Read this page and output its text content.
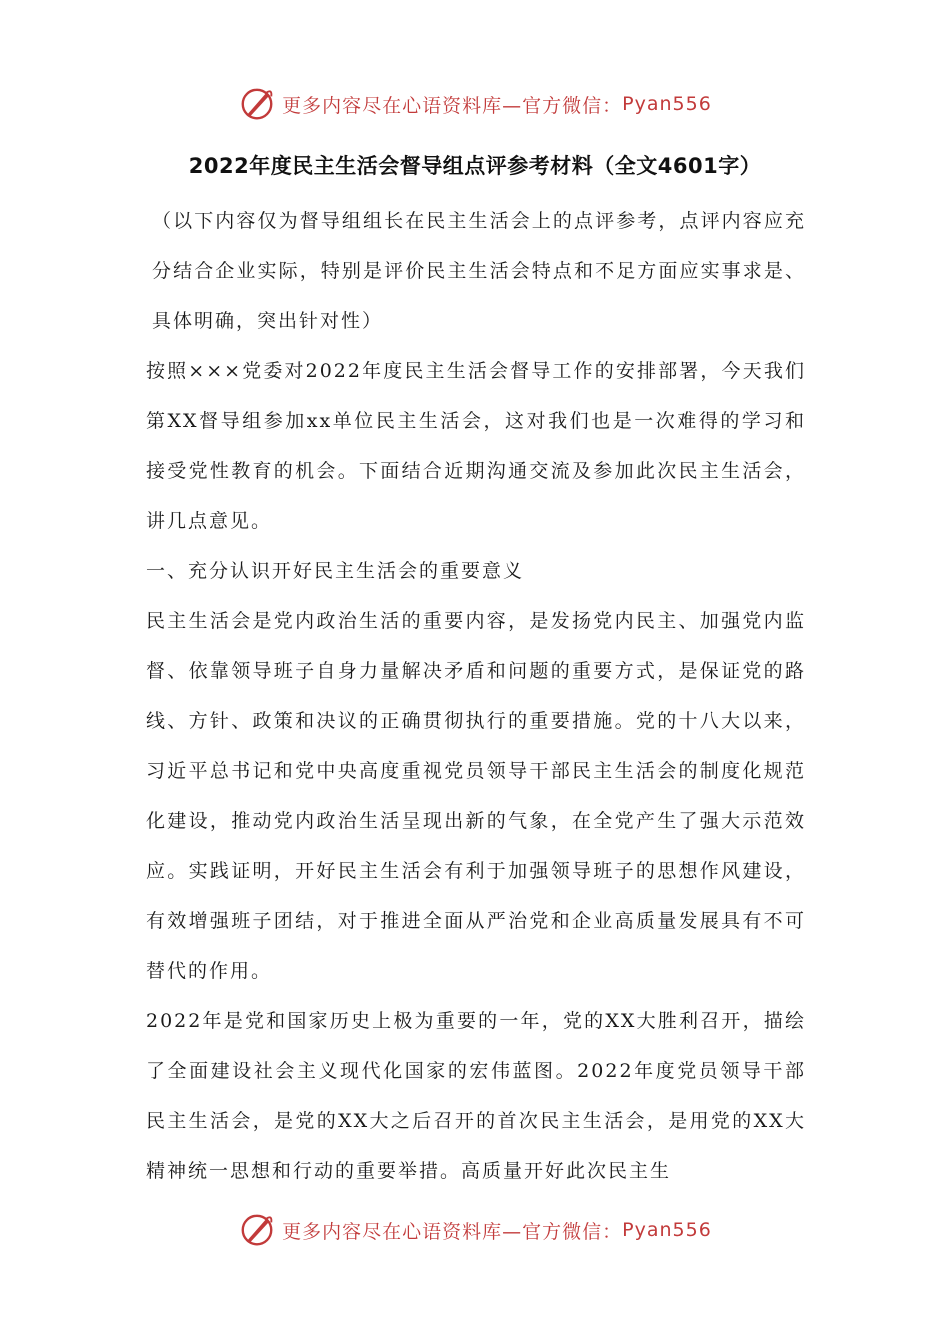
更多内容尽在心语资料库—官方微信： Pyan556
2022年度民主生活会督导组点评参考材料（全文4601字）

（以下内容仅为督导组组长在民主生活会上的点评参考，点评内容应充分结合企业实际，特别是评价民主生活会特点和不足方面应实事求是、具体明确，突出针对性）

按照×××党委对2022年度民主生活会督导工作的安排部署，今天我们第XX督导组参加xx单位民主生活会，这对我们也是一次难得的学习和接受党性教育的机会。下面结合近期沟通交流及参加此次民主生活会，讲几点意见。

一、充分认识开好民主生活会的重要意义

民主生活会是党内政治生活的重要内容，是发扬党内民主、加强党内监督、依靠领导班子自身力量解决矛盾和问题的重要方式，是保证党的路线、方针、政策和决议的正确贯彻执行的重要措施。党的十八大以来，习近平总书记和党中央高度重视党员领导干部民主生活会的制度化规范化建设，推动党内政治生活呈现出新的气象，在全党产生了强大示范效应。实践证明，开好民主生活会有利于加强领导班子的思想作风建设，有效增强班子团结，对于推进全面从严治党和企业高质量发展具有不可替代的作用。

2022年是党和国家历史上极为重要的一年，党的XX大胜利召开，描绘了全面建设社会主义现代化国家的宏伟蓝图。2022年度党员领导干部民主生活会，是党的XX大之后召开的首次民主生活会，是用党的XX大精神统一思想和行动的重要举措。高质量开好此次民主生

更多内容尽在心语资料库—官方微信： Pyan556
